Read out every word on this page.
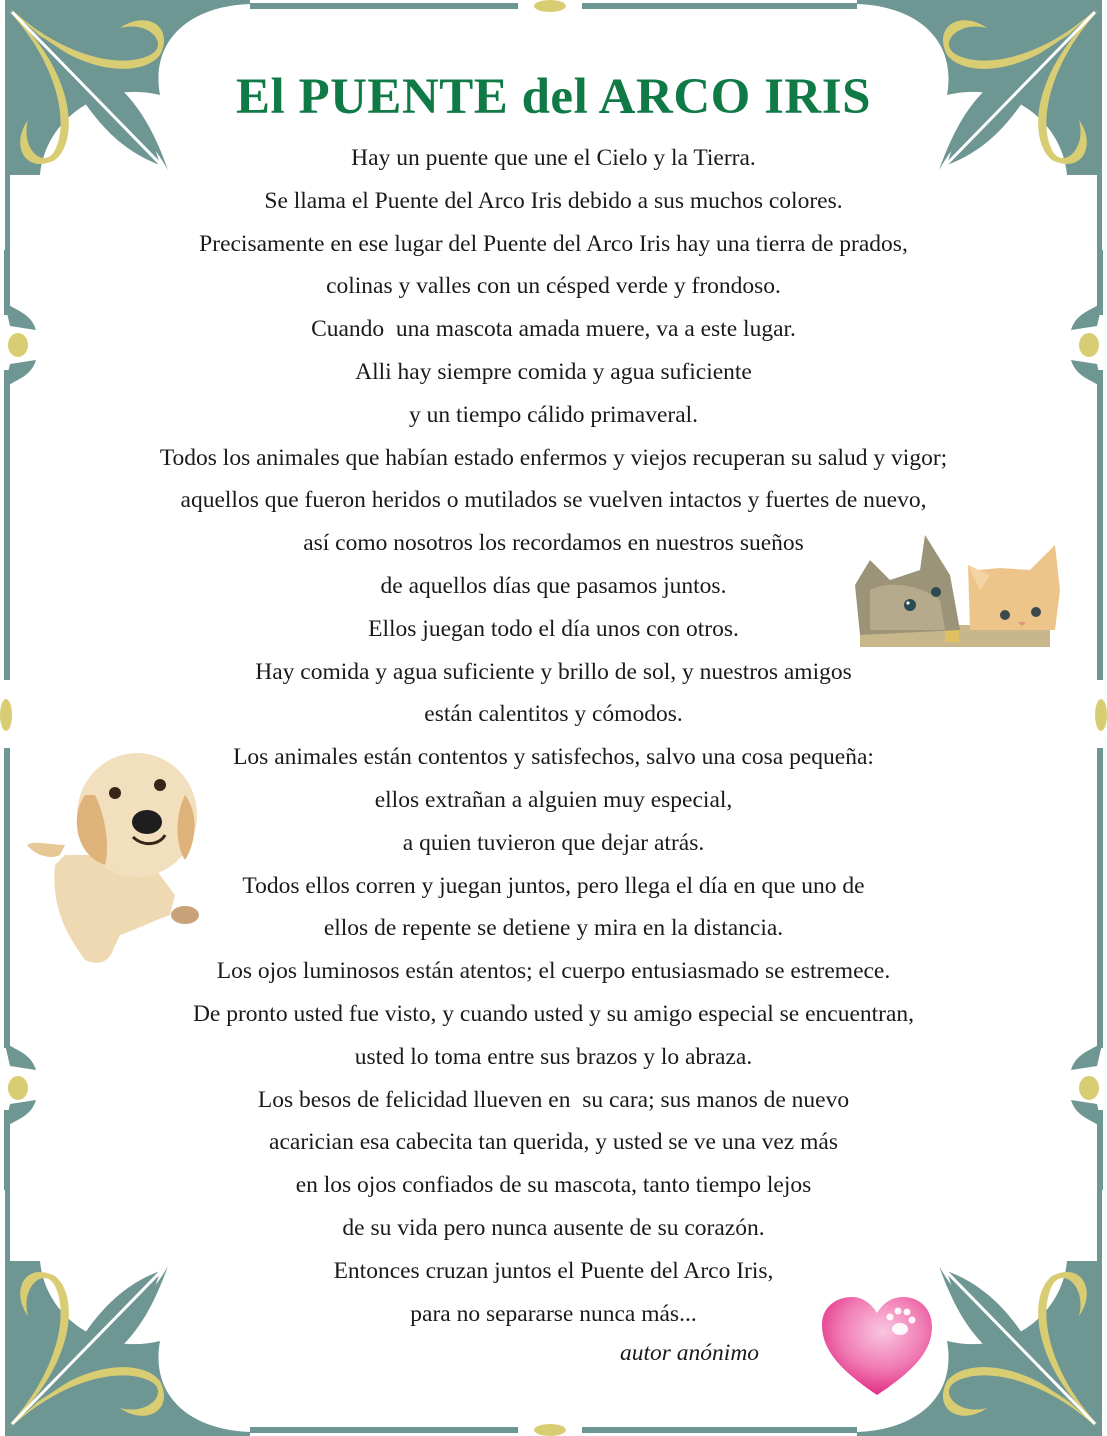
El PUENTE del ARCO IRIS
Hay un puente que une el Cielo y la Tierra.
Se llama el Puente del Arco Iris debido a sus muchos colores.
Precisamente en ese lugar del Puente del Arco Iris hay una tierra de prados,
colinas y valles con un césped verde y frondoso.
Cuando  una mascota amada muere, va a este lugar.
Alli hay siempre comida y agua suficiente
y un tiempo cálido primaveral.
Todos los animales que habían estado enfermos y viejos recuperan su salud y vigor;
aquellos que fueron heridos o mutilados se vuelven intactos y fuertes de nuevo,
así como nosotros los recordamos en nuestros sueños
de aquellos días que pasamos juntos.
Ellos juegan todo el día unos con otros.
Hay comida y agua suficiente y brillo de sol, y nuestros amigos
están calentitos y cómodos.
Los animales están contentos y satisfechos, salvo una cosa pequeña:
ellos extrañan a alguien muy especial,
a quien tuvieron que dejar atrás.
Todos ellos corren y juegan juntos, pero llega el día en que uno de
ellos de repente se detiene y mira en la distancia.
Los ojos luminosos están atentos; el cuerpo entusiasmado se estremece.
De pronto usted fue visto, y cuando usted y su amigo especial se encuentran,
usted lo toma entre sus brazos y lo abraza.
Los besos de felicidad llueven en  su cara; sus manos de nuevo
acarician esa cabecita tan querida, y usted se ve una vez más
en los ojos confiados de su mascota, tanto tiempo lejos
de su vida pero nunca ausente de su corazón.
Entonces cruzan juntos el Puente del Arco Iris,
para no separarse nunca más...
autor anónimo
